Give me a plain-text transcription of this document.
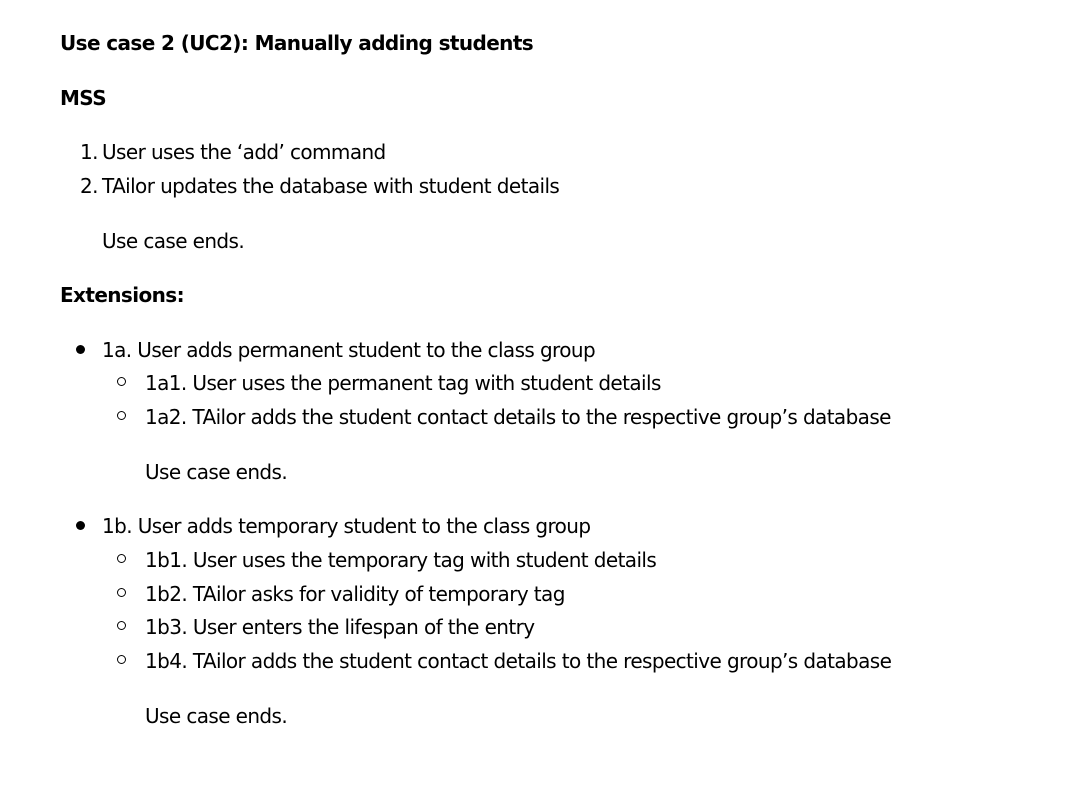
Use case 2 (UC2): Manually adding students
MSS
1. User uses the ‘add’ command
2. TAilor updates the database with student details
Use case ends.
Extensions:
1a. User adds permanent student to the class group
1a1. User uses the permanent tag with student details
1a2. TAilor adds the student contact details to the respective group’s database
Use case ends.
1b. User adds temporary student to the class group
1b1. User uses the temporary tag with student details
1b2. TAilor asks for validity of temporary tag
1b3. User enters the lifespan of the entry
1b4. TAilor adds the student contact details to the respective group’s database
Use case ends.
